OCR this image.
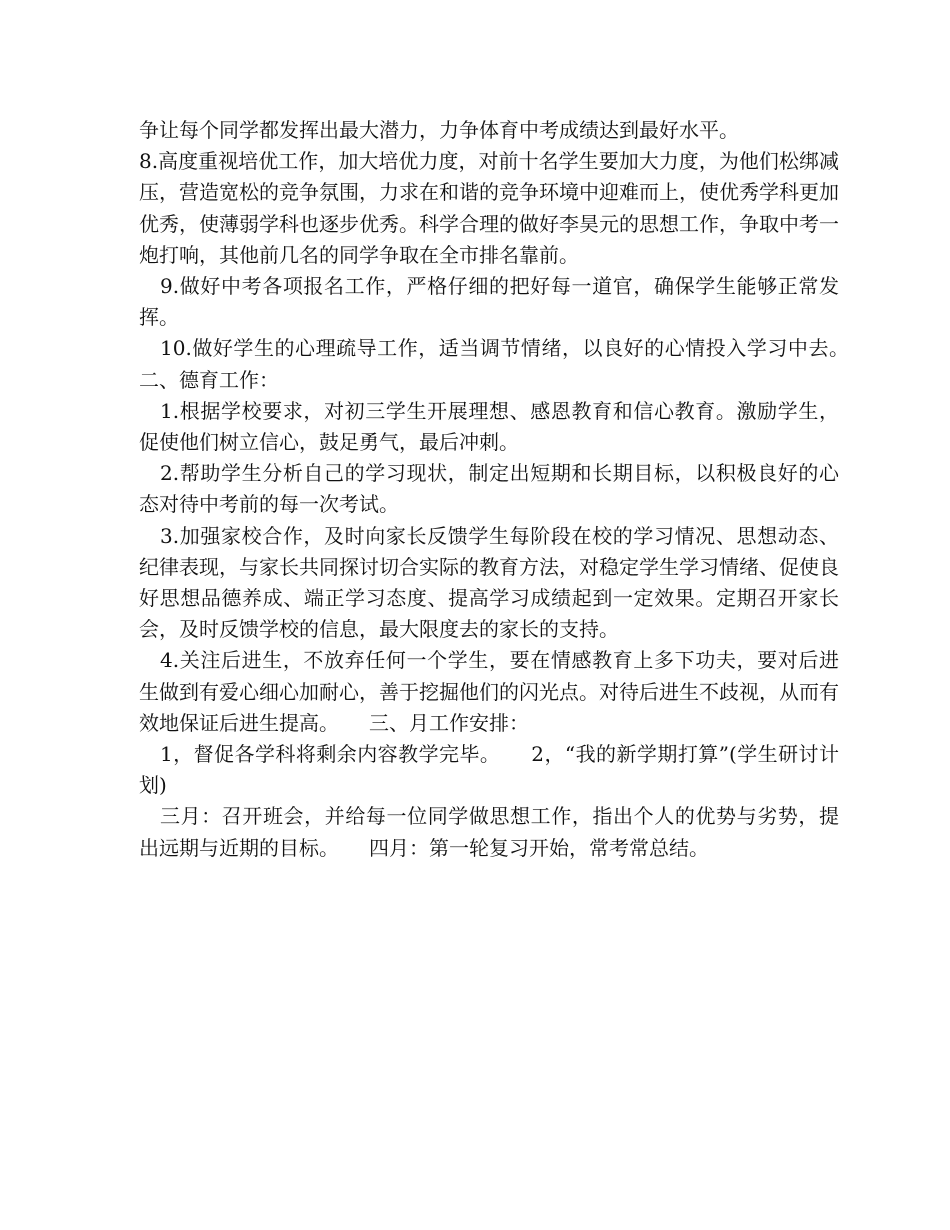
争让每个同学都发挥出最大潜力，力争体育中考成绩达到最好水平。

8.高度重视培优工作，加大培优力度，对前十名学生要加大力度，为他们松绑减压，营造宽松的竞争氛围，力求在和谐的竞争环境中迎难而上，使优秀学科更加优秀，使薄弱学科也逐步优秀。科学合理的做好李昊元的思想工作，争取中考一炮打响，其他前几名的同学争取在全市排名靠前。

9.做好中考各项报名工作，严格仔细的把好每一道官，确保学生能够正常发挥。

10.做好学生的心理疏导工作，适当调节情绪，以良好的心情投入学习中去。　　二、德育工作：

1.根据学校要求，对初三学生开展理想、感恩教育和信心教育。激励学生，促使他们树立信心，鼓足勇气，最后冲刺。

2.帮助学生分析自己的学习现状，制定出短期和长期目标，以积极良好的心态对待中考前的每一次考试。

3.加强家校合作，及时向家长反馈学生每阶段在校的学习情况、思想动态、纪律表现，与家长共同探讨切合实际的教育方法，对稳定学生学习情绪、促使良好思想品德养成、端正学习态度、提高学习成绩起到一定效果。定期召开家长会，及时反馈学校的信息，最大限度去的家长的支持。

4.关注后进生，不放弃任何一个学生，要在情感教育上多下功夫，要对后进生做到有爱心细心加耐心，善于挖掘他们的闪光点。对待后进生不歧视，从而有效地保证后进生提高。　　三、月工作安排：

1，督促各学科将剩余内容教学完毕。　　2，“我的新学期打算”(学生研讨计划)

三月：召开班会，并给每一位同学做思想工作，指出个人的优势与劣势，提出远期与近期的目标。　　四月：第一轮复习开始，常考常总结。
